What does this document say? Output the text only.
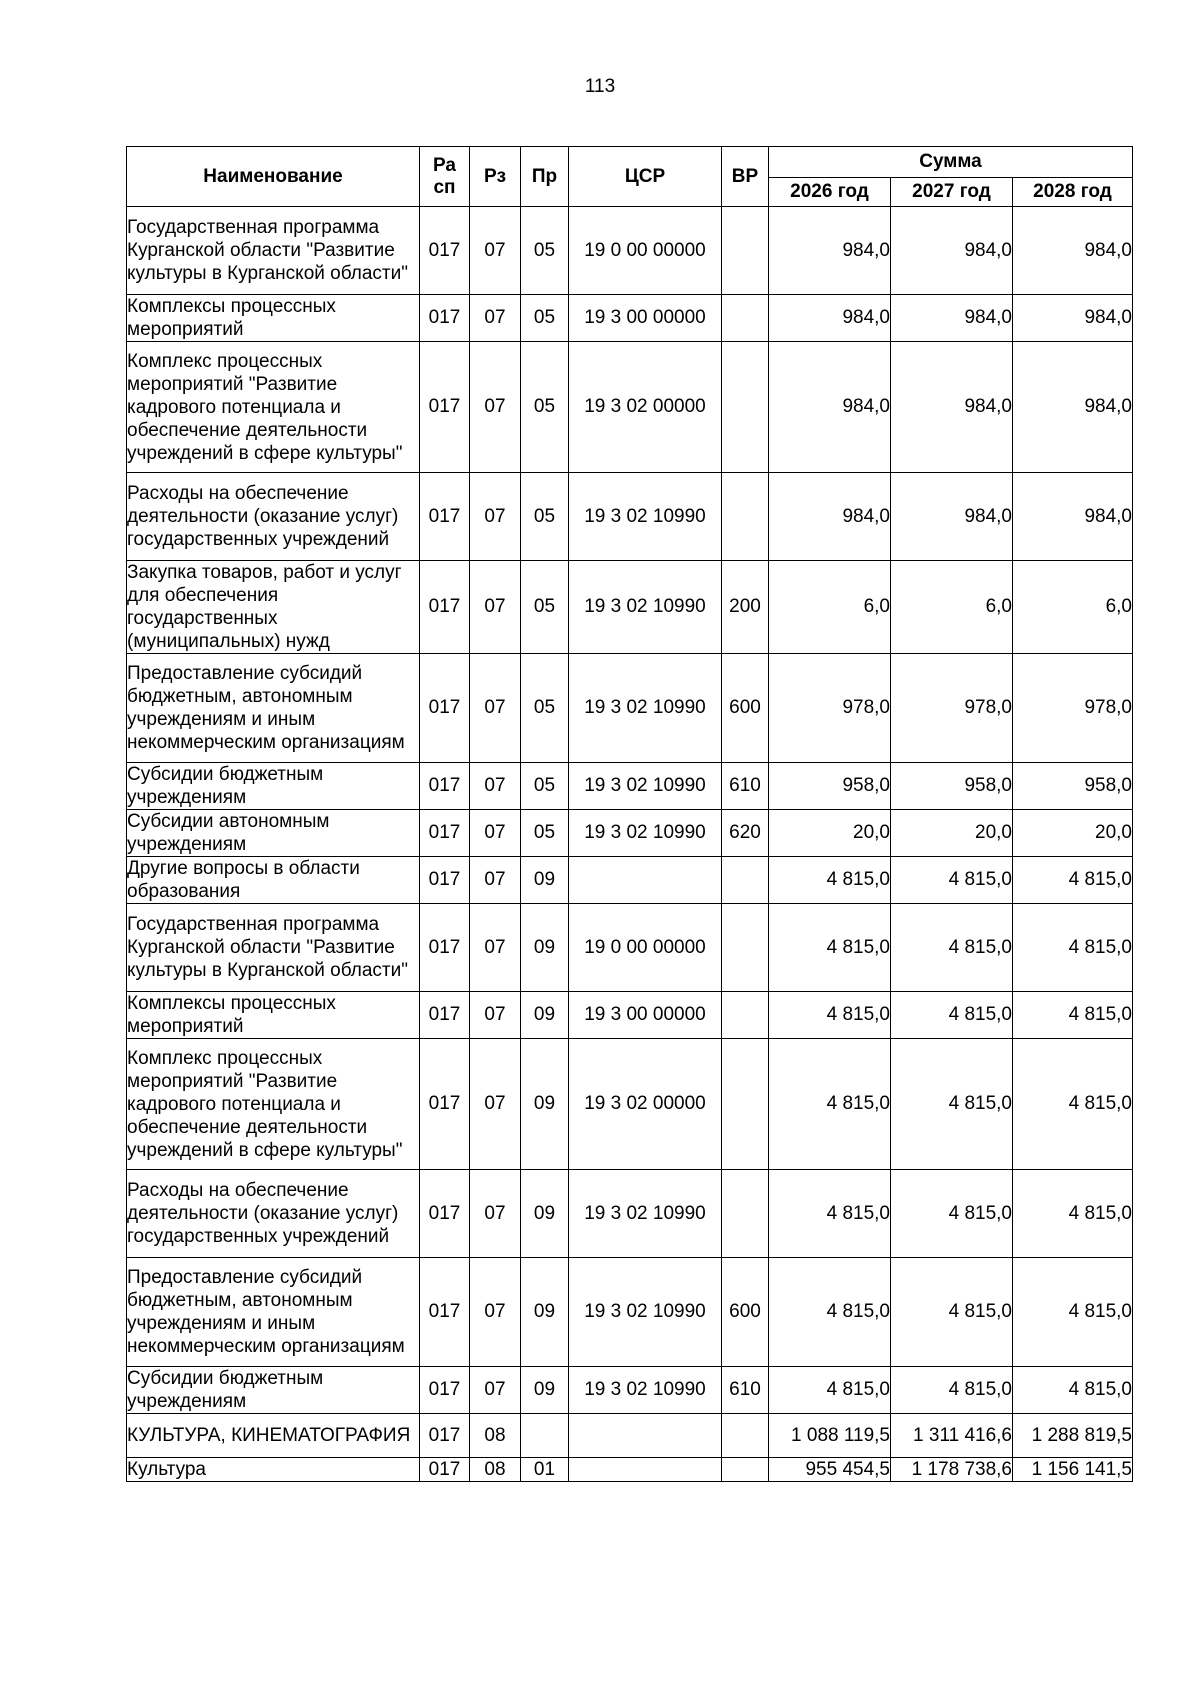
113
Наименование	Ра сп	Рз	Пр	ЦСР	ВР	Сумма		
						2026 год	2027 год	2028 год
Государственная программа Курганской области "Развитие культуры в Курганской области"	017	07	05	19 0 00 00000		984,0	984,0	984,0
Комплексы процессных мероприятий	017	07	05	19 3 00 00000		984,0	984,0	984,0
Комплекс процессных мероприятий "Развитие кадрового потенциала и обеспечение деятельности учреждений в сфере культуры"	017	07	05	19 3 02 00000		984,0	984,0	984,0
Расходы на обеспечение деятельности (оказание услуг) государственных учреждений	017	07	05	19 3 02 10990		984,0	984,0	984,0
Закупка товаров, работ и услуг для обеспечения государственных (муниципальных) нужд	017	07	05	19 3 02 10990	200	6,0	6,0	6,0
Предоставление субсидий бюджетным, автономным учреждениям и иным некоммерческим организациям	017	07	05	19 3 02 10990	600	978,0	978,0	978,0
Субсидии бюджетным учреждениям	017	07	05	19 3 02 10990	610	958,0	958,0	958,0
Субсидии автономным учреждениям	017	07	05	19 3 02 10990	620	20,0	20,0	20,0
Другие вопросы в области образования	017	07	09			4 815,0	4 815,0	4 815,0
Государственная программа Курганской области "Развитие культуры в Курганской области"	017	07	09	19 0 00 00000		4 815,0	4 815,0	4 815,0
Комплексы процессных мероприятий	017	07	09	19 3 00 00000		4 815,0	4 815,0	4 815,0
Комплекс процессных мероприятий "Развитие кадрового потенциала и обеспечение деятельности учреждений в сфере культуры"	017	07	09	19 3 02 00000		4 815,0	4 815,0	4 815,0
Расходы на обеспечение деятельности (оказание услуг) государственных учреждений	017	07	09	19 3 02 10990		4 815,0	4 815,0	4 815,0
Предоставление субсидий бюджетным, автономным учреждениям и иным некоммерческим организациям	017	07	09	19 3 02 10990	600	4 815,0	4 815,0	4 815,0
Субсидии бюджетным учреждениям	017	07	09	19 3 02 10990	610	4 815,0	4 815,0	4 815,0
КУЛЬТУРА, КИНЕМАТОГРАФИЯ	017	08				1 088 119,5	1 311 416,6	1 288 819,5
Культура	017	08	01			955 454,5	1 178 738,6	1 156 141,5
